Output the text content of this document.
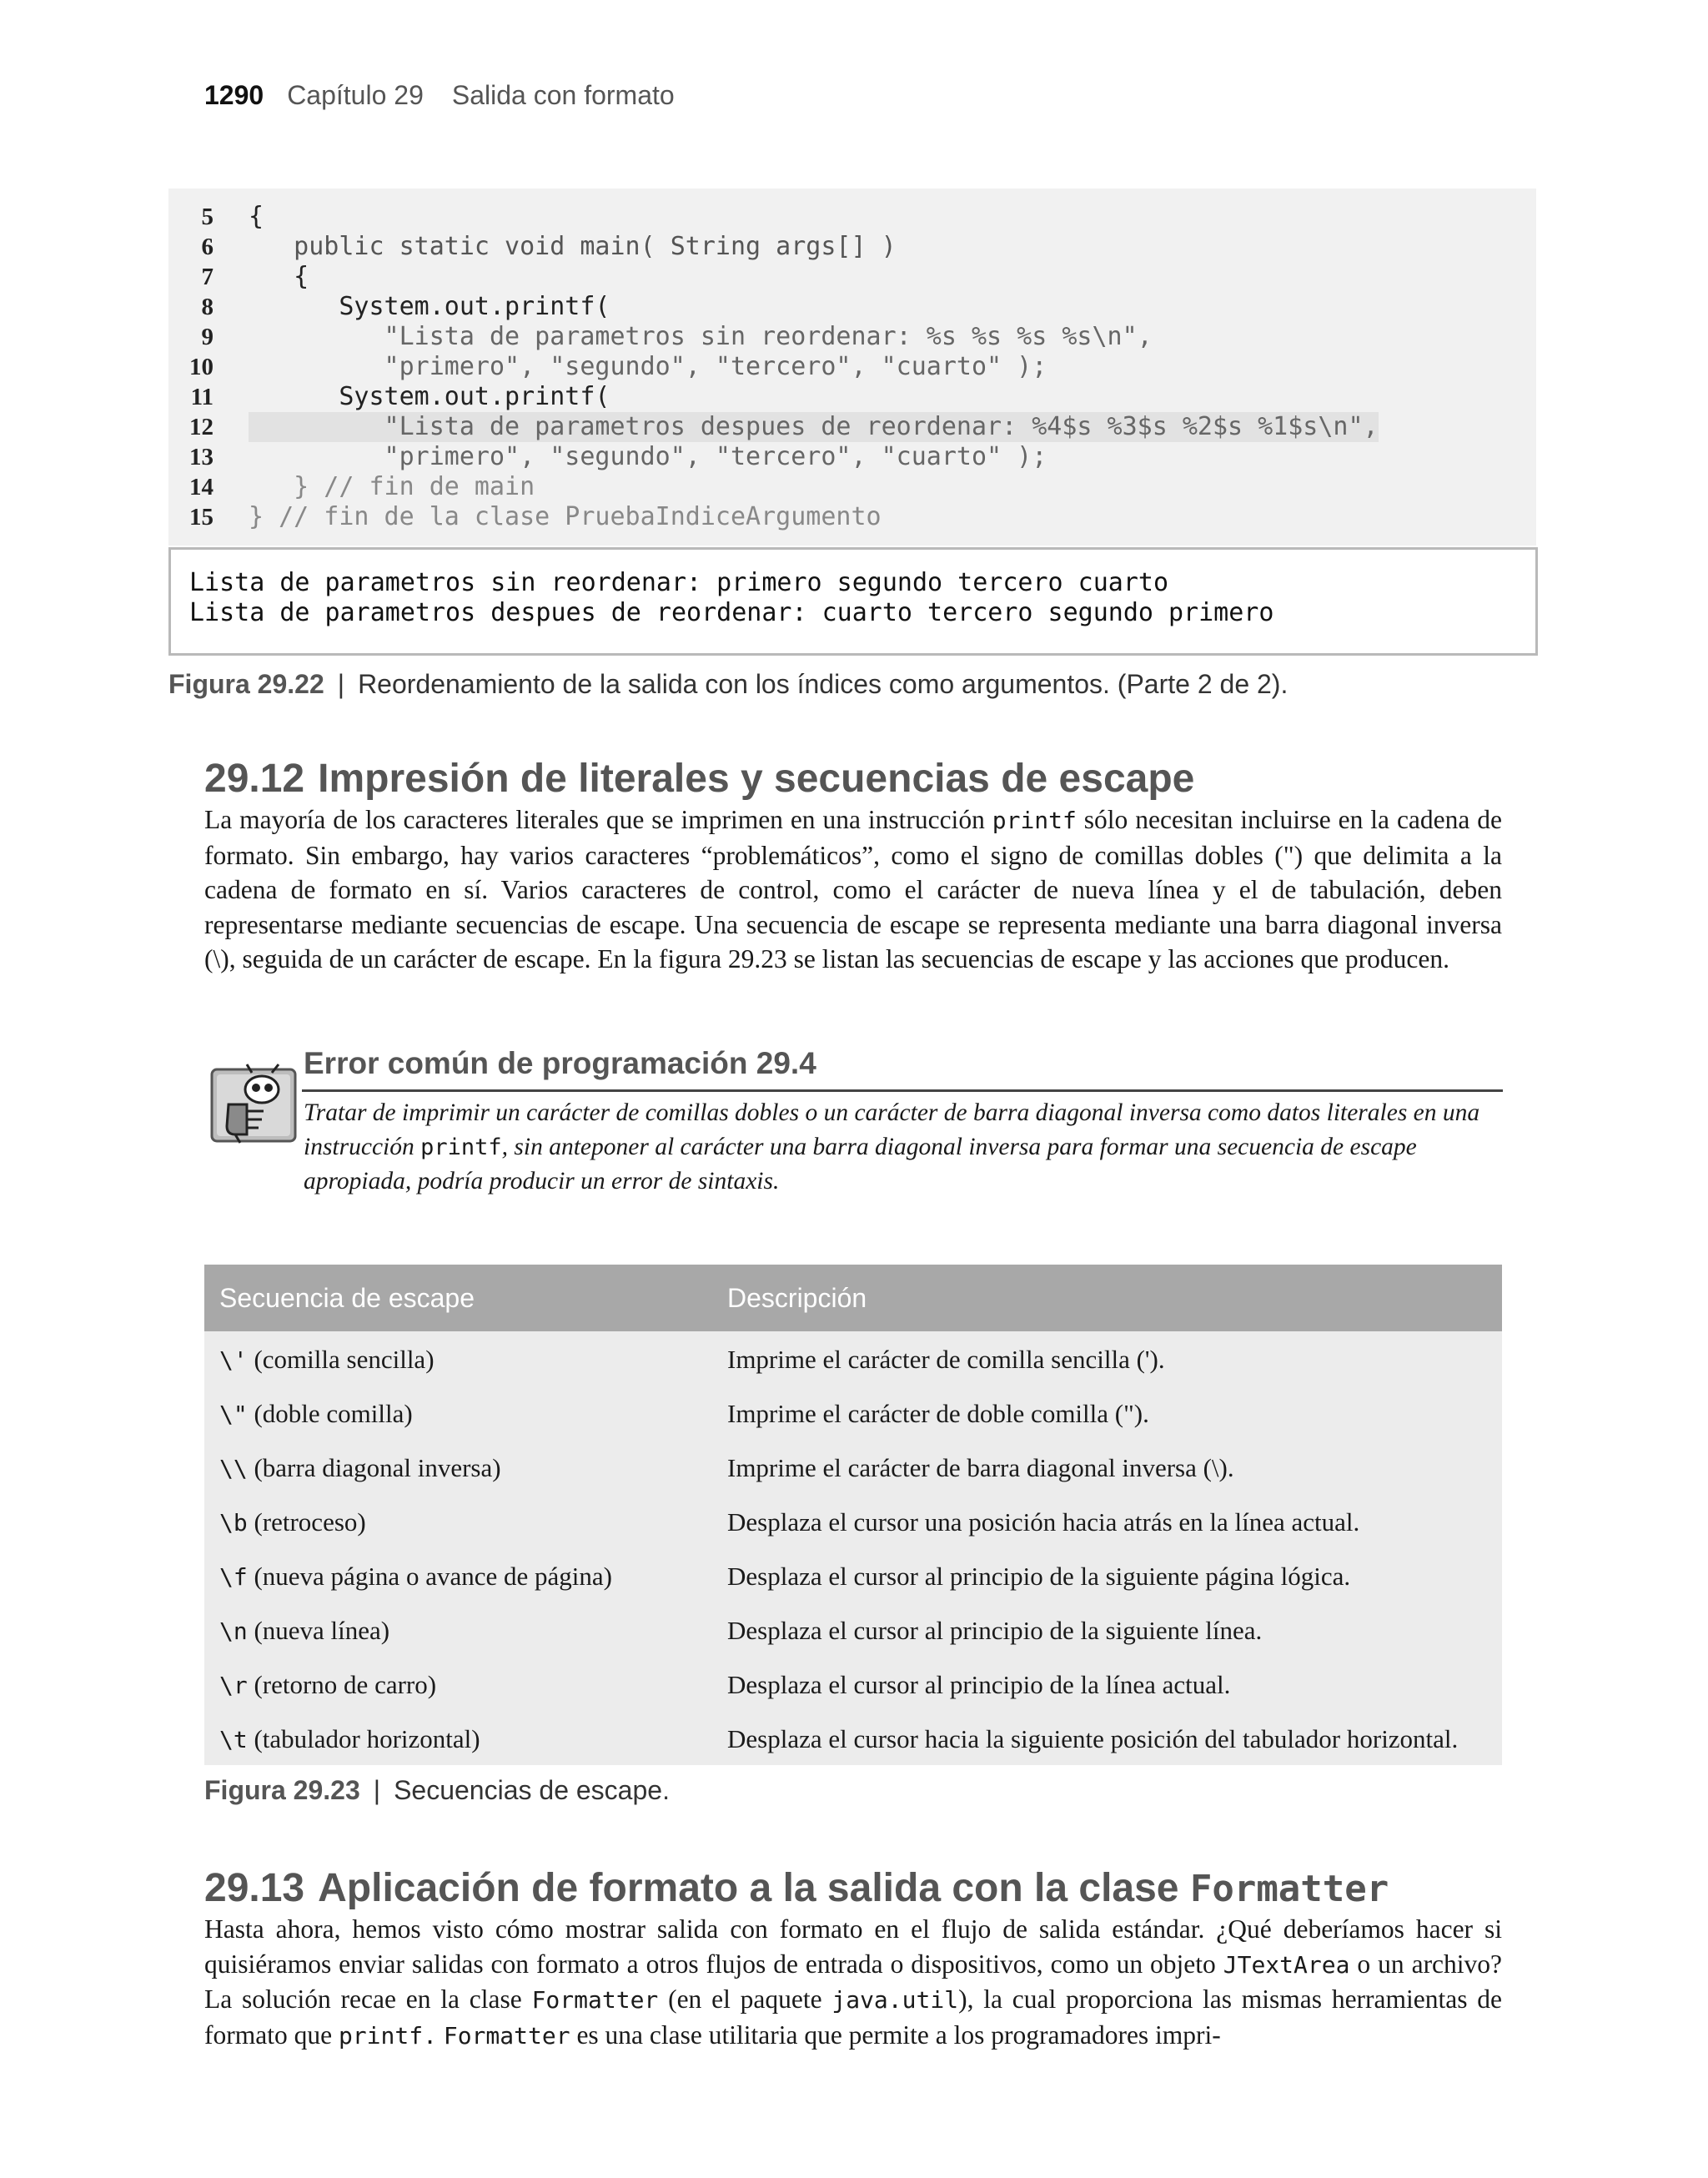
1290 Capítulo 29 Salida con formato
5 {
6 public static void main( String args[] )
7 {
8 System.out.printf(
9 "Lista de parametros sin reordenar: %s %s %s %s\n",
10 "primero", "segundo", "tercero", "cuarto" );
11 System.out.printf(
12 "Lista de parametros despues de reordenar: %4$s %3$s %2$s %1$s\n",
13 "primero", "segundo", "tercero", "cuarto" );
14 } // fin de main
15 } // fin de la clase PruebaIndiceArgumento
Lista de parametros sin reordenar: primero segundo tercero cuarto
Lista de parametros despues de reordenar: cuarto tercero segundo primero
Figura 29.22 | Reordenamiento de la salida con los índices como argumentos. (Parte 2 de 2).
29.12 Impresión de literales y secuencias de escape

La mayoría de los caracteres literales que se imprimen en una instrucción printf sólo necesitan incluirse en la cadena de formato. Sin embargo, hay varios caracteres “problemáticos”, como el signo de comillas dobles (") que delimita a la cadena de formato en sí. Varios caracteres de control, como el carácter de nueva línea y el de tabulación, deben representarse mediante secuencias de escape. Una secuencia de escape se representa mediante una barra diagonal inversa (\), seguida de un carácter de escape. En la figura 29.23 se listan las secuencias de escape y las acciones que producen.

Error común de programación 29.4
Tratar de imprimir un carácter de comillas dobles o un carácter de barra diagonal inversa como datos literales en una instrucción printf, sin anteponer al carácter una barra diagonal inversa para formar una secuencia de escape apropiada, podría producir un error de sintaxis.
Secuencia de escape	Descripción
\' (comilla sencilla)	Imprime el carácter de comilla sencilla (').
\" (doble comilla)	Imprime el carácter de doble comilla (").
\\ (barra diagonal inversa)	Imprime el carácter de barra diagonal inversa (\).
\b (retroceso)	Desplaza el cursor una posición hacia atrás en la línea actual.
\f (nueva página o avance de página)	Desplaza el cursor al principio de la siguiente página lógica.
\n (nueva línea)	Desplaza el cursor al principio de la siguiente línea.
\r (retorno de carro)	Desplaza el cursor al principio de la línea actual.
\t (tabulador horizontal)	Desplaza el cursor hacia la siguiente posición del tabulador horizontal.
Figura 29.23 | Secuencias de escape.
29.13 Aplicación de formato a la salida con la clase Formatter

Hasta ahora, hemos visto cómo mostrar salida con formato en el flujo de salida estándar. ¿Qué deberíamos hacer si quisiéramos enviar salidas con formato a otros flujos de entrada o dispositivos, como un objeto JTextArea o un archivo? La solución recae en la clase Formatter (en el paquete java.util), la cual proporciona las mismas herramientas de formato que printf. Formatter es una clase utilitaria que permite a los programadores impri-
